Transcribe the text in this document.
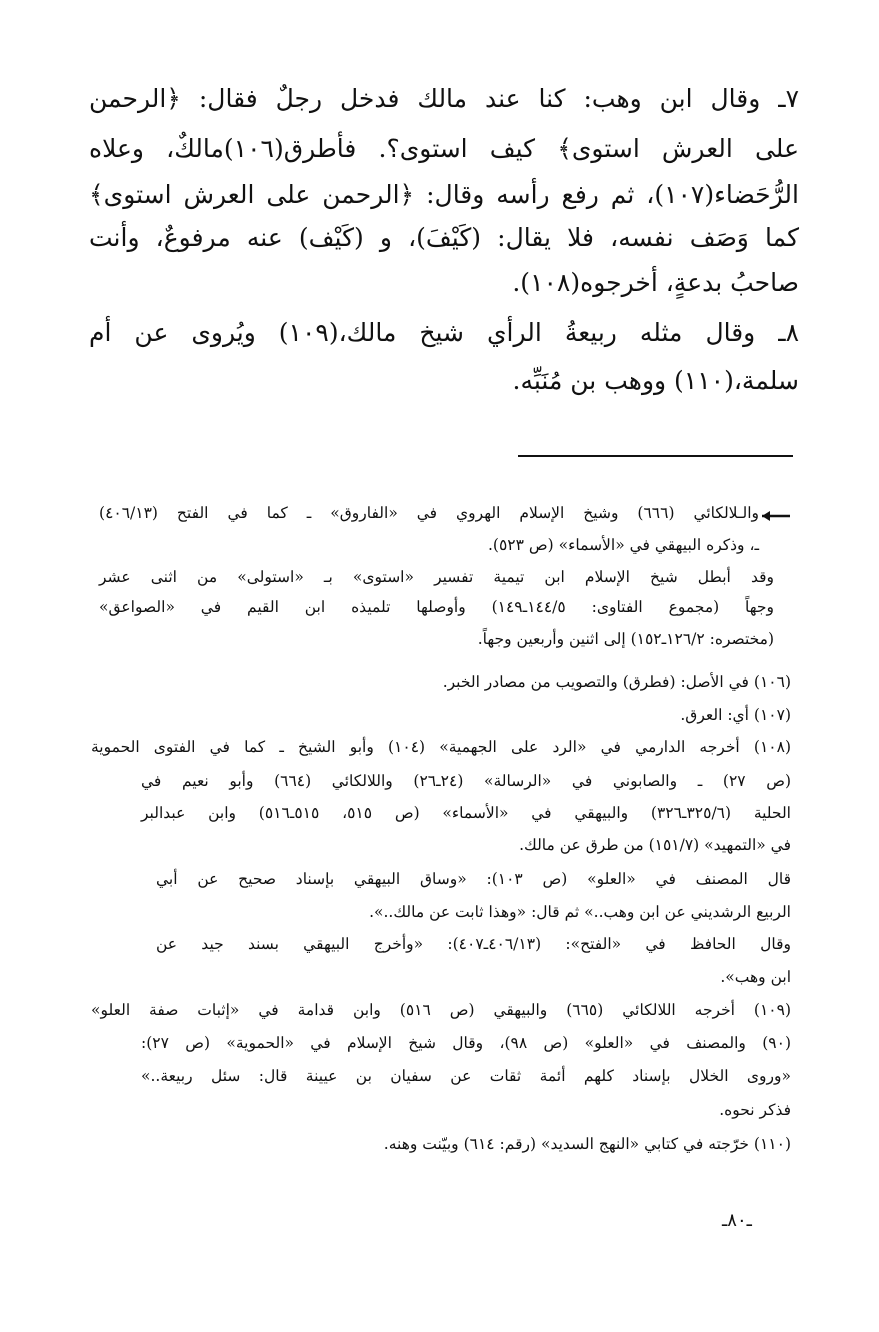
٧ـ وقال ابن وهب: كنا عند مالك فدخل رجلٌ فقال: ﴿الرحمن
على العرش استوى﴾ كيف استوى؟. فأطرق(١٠٦)مالكٌ، وعلاه
الرُّحَضاء(١٠٧)، ثم رفع رأسه وقال: ﴿الرحمن على العرش استوى﴾
كما وَصَف نفسه، فلا يقال: (كَيْفَ)، و (كَيْف) عنه مرفوعٌ، وأنت
صاحبُ بدعةٍ، أخرجوه(١٠٨).
٨ـ وقال مثله ربيعةُ الرأي شيخ مالك،(١٠٩) ويُروى عن أم
سلمة،(١١٠) ووهب بن مُنَبِّه.
والـلالكائي (٦٦٦) وشيخ الإسلام الهروي في «الفاروق» ـ كما في الفتح (٤٠٦/١٣)
ـ، وذكره البيهقي في «الأسماء» (ص ٥٢٣).
وقد أبطل شيخ الإسلام ابن تيمية تفسير «استوى» بـ «استولى» من اثنى عشر
وجهاً (مجموع الفتاوى: ١٤٤/٥ـ١٤٩) وأوصلها تلميذه ابن القيم في «الصواعق»
(مختصره: ١٢٦/٢ـ١٥٢) إلى اثنين وأربعين وجهاً.
(١٠٦) في الأصل: (فطرق) والتصويب من مصادر الخبر.
(١٠٧) أي: العرق.
(١٠٨) أخرجه الدارمي في «الرد على الجهمية» (١٠٤) وأبو الشيخ ـ كما في الفتوى الحموية
(ص ٢٧) ـ والصابوني في «الرسالة» (٢٤ـ٢٦) واللالكائي (٦٦٤) وأبو نعيم في
الحلية (٣٢٥/٦ـ٣٢٦) والبيهقي في «الأسماء» (ص ٥١٥، ٥١٥ـ٥١٦) وابن عبدالبر
في «التمهيد» (١٥١/٧) من طرق عن مالك.
قال المصنف في «العلو» (ص ١٠٣): «وساق البيهقي بإسناد صحيح عن أبي
الربيع الرشديني عن ابن وهب..» ثم قال: «وهذا ثابت عن مالك..».
وقال الحافظ في «الفتح»: (٤٠٦/١٣ـ٤٠٧): «وأخرج البيهقي بسند جيد عن
ابن وهب».
(١٠٩) أخرجه اللالكائي (٦٦٥) والبيهقي (ص ٥١٦) وابن قدامة في «إثبات صفة العلو»
(٩٠) والمصنف في «العلو» (ص ٩٨)، وقال شيخ الإسلام في «الحموية» (ص ٢٧):
«وروى الخلال بإسناد كلهم أئمة ثقات عن سفيان بن عيينة قال: سئل ربيعة..»
فذكر نحوه.
(١١٠) خرّجته في كتابي «النهج السديد» (رقم: ٦١٤) وبيّنت وهنه.
ـ٨٠ـ
